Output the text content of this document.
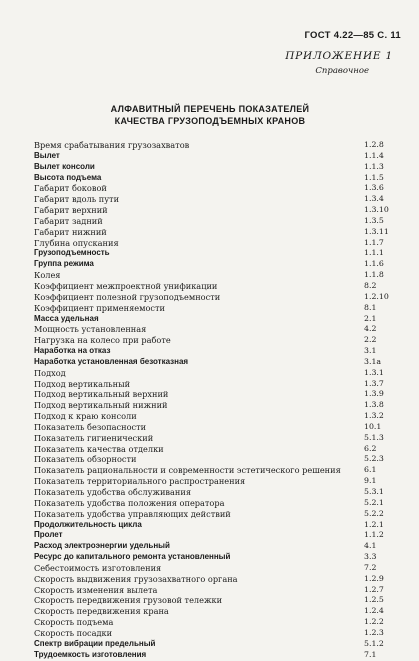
ГОСТ 4.22—85 С. 11
ПРИЛОЖЕНИЕ 1
Справочное
АЛФАВИТНЫЙ ПЕРЕЧЕНЬ ПОКАЗАТЕЛЕЙ
КАЧЕСТВА ГРУЗОПОДЪЕМНЫХ КРАНОВ
Время срабатывания грузозахватов	1.2.8
Вылет	1.1.4
Вылет консоли	1.1.3
Высота подъема	1.1.5
Габарит боковой	1.3.6
Габарит вдоль пути	1.3.4
Габарит верхний	1.3.10
Габарит задний	1.3.5
Габарит нижний	1.3.11
Глубина опускания	1.1.7
Грузоподъемность	1.1.1
Группа режима	1.1.6
Колея	1.1.8
Коэффициент межпроектной унификации	8.2
Коэффициент полезной грузоподъемности	1.2.10
Коэффициент применяемости	8.1
Масса удельная	2.1
Мощность установленная	4.2
Нагрузка на колесо при работе	2.2
Наработка на отказ	3.1
Наработка установленная безотказная	3.1а
Подход	1.3.1
Подход вертикальный	1.3.7
Подход вертикальный верхний	1.3.9
Подход вертикальный нижний	1.3.8
Подход к краю консоли	1.3.2
Показатель безопасности	10.1
Показатель гигиенический	5.1.3
Показатель качества отделки	6.2
Показатель обзорности	5.2.3
Показатель рациональности и современности эстетического решения	6.1
Показатель территориального распространения	9.1
Показатель удобства обслуживания	5.3.1
Показатель удобства положения оператора	5.2.1
Показатель удобства управляющих действий	5.2.2
Продолжительность цикла	1.2.1
Пролет	1.1.2
Расход электроэнергии удельный	4.1
Ресурс до капитального ремонта установленный	3.3
Себестоимость изготовления	7.2
Скорость выдвижения грузозахватного органа	1.2.9
Скорость изменения вылета	1.2.7
Скорость передвижения грузовой тележки	1.2.5
Скорость передвижения крана	1.2.4
Скорость подъема	1.2.2
Скорость посадки	1.2.3
Спектр вибрации предельный	5.1.2
Трудоемкость изготовления	7.1
